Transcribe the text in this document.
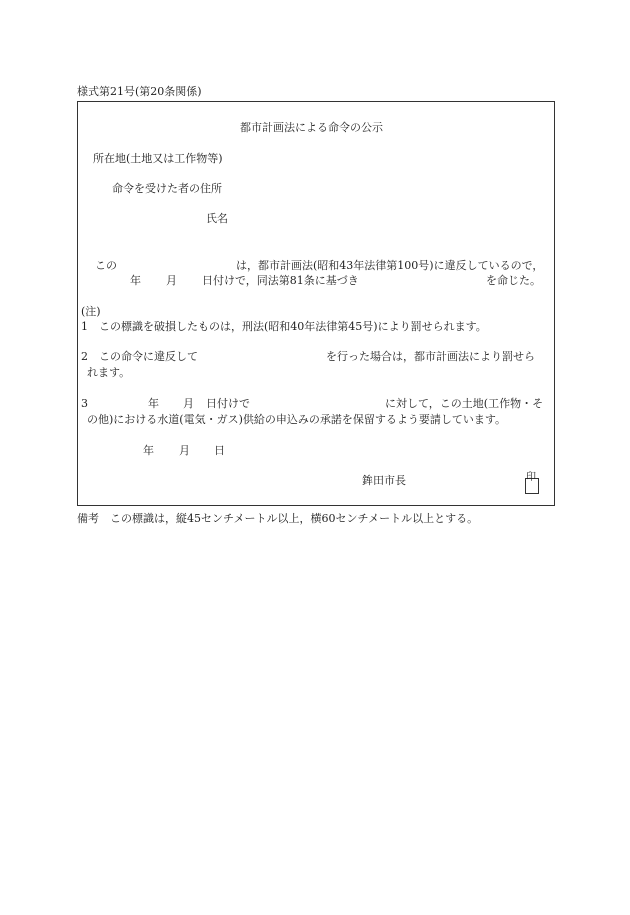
様式第21号(第20条関係)
都市計画法による命令の公示
所在地(土地又は工作物等)
命令を受けた者の住所
氏名
この	は，都市計画法(昭和43年法律第100号)に違反しているので，
年 月 日付けで，同法第81条に基づき	を命じた。
(注)
1　この標識を破損したものは，刑法(昭和40年法律第45号)により罰せられます。
2　この命令に違反して	を行った場合は，都市計画法により罰せら
れます。
3	年 月 日付けで	に対して，この土地(工作物・そ
の他)における水道(電気・ガス)供給の申込みの承諾を保留するよう要請しています。
年 月 日
鉾田市長	印
備考　この標識は，縦45センチメートル以上，横60センチメートル以上とする。
